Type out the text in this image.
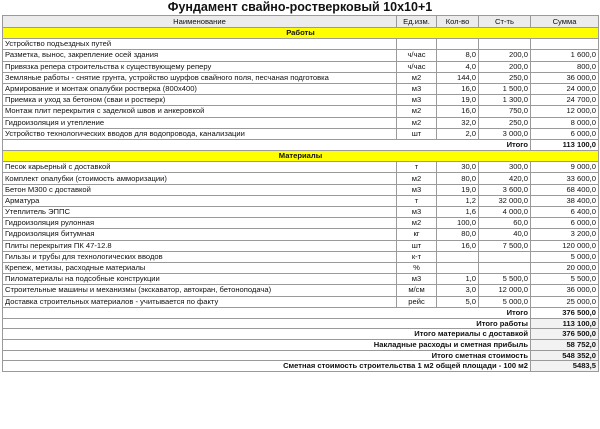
Фундамент свайно-ростверковый 10х10+1
Наименование	Ед.изм.	Кол-во	Ст-ть	Сумма
Работы				
Устройство подъездных путей				
Разметка, вынос, закрепление осей здания	ч/час	8,0	200,0	1 600,0
Привязка репера строительства к существующему реперу	ч/час	4,0	200,0	800,0
Земляные работы - снятие грунта, устройство шурфов свайного поля, песчаная подготовка	м2	144,0	250,0	36 000,0
Армирование и монтаж опалубки ростверка (800х400)	м3	16,0	1 500,0	24 000,0
Приемка и уход за бетоном (сваи и ростверк)	м3	19,0	1 300,0	24 700,0
Монтаж плит перекрытия с заделкой швов и анкеровкой	м2	16,0	750,0	12 000,0
Гидроизоляция и утепление	м2	32,0	250,0	8 000,0
Устройство технологических вводов для водопровода, канализации	шт	2,0	3 000,0	6 000,0
Итого				113 100,0
Материалы				
Песок карьерный с доставкой	т	30,0	300,0	9 000,0
Комплект опалубки (стоимость амморизации)	м2	80,0	420,0	33 600,0
Бетон М300 с доставкой	м3	19,0	3 600,0	68 400,0
Арматура	т	1,2	32 000,0	38 400,0
Утеплитель ЭППС	м3	1,6	4 000,0	6 400,0
Гидроизоляция рулонная	м2	100,0	60,0	6 000,0
Гидроизоляция битумная	кг	80,0	40,0	3 200,0
Плиты перекрытия ПК 47-12.8	шт	16,0	7 500,0	120 000,0
Гильзы и трубы для технологических вводов	к-т			5 000,0
Крепеж, метизы, расходные материалы	%			20 000,0
Пиломатериалы на подсобные конструкции	м3	1,0	5 500,0	5 500,0
Строительные машины и механизмы (экскаватор, автокран, бетоноподача)	м/см	3,0	12 000,0	36 000,0
Доставка строительных материалов - учитывается по факту	рейс	5,0	5 000,0	25 000,0
Итого				376 500,0
Итого работы				113 100,0
Итого материалы с доставкой				376 500,0
Накладные расходы и сметная прибыль				58 752,0
Итого сметная стоимость				548 352,0
Сметная стоимость строительства 1 м2 общей площади - 100 м2				5483,5
